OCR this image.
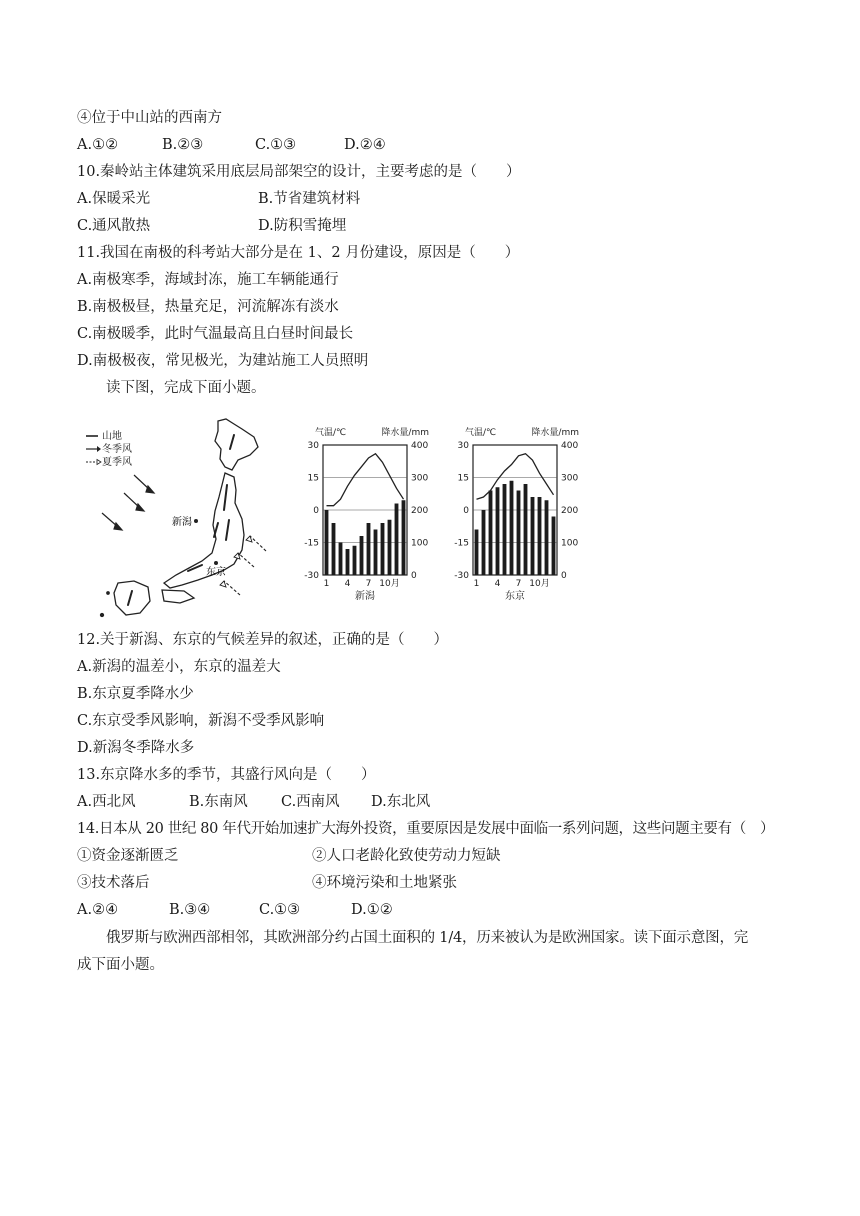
④位于中山站的西南方
A.①②	B.②③	C.①③	D.②④
10.秦岭站主体建筑采用底层局部架空的设计，主要考虑的是（　　）
A.保暖采光	B.节省建筑材料
C.通风散热	D.防积雪掩埋
11.我国在南极的科考站大部分是在 1、2 月份建设，原因是（　　）
A.南极寒季，海域封冻，施工车辆能通行
B.南极极昼，热量充足，河流解冻有淡水
C.南极暖季，此时气温最高且白昼时间最长
D.南极极夜，常见极光，为建站施工人员照明
读下图，完成下面小题。
山地
冬季风
夏季风
新潟
东京
气温/℃	降水量/mm
30
15
0
-15
-30
400
300
200
100
0
1 4 7 10月
新潟
气温/℃	降水量/mm
30
15
0
-15
-30
400
300
200
100
0
1 4 7 10月
东京
12.关于新潟、东京的气候差异的叙述，正确的是（　　）
A.新潟的温差小，东京的温差大
B.东京夏季降水少
C.东京受季风影响，新潟不受季风影响
D.新潟冬季降水多
13.东京降水多的季节，其盛行风向是（　　）
A.西北风	B.东南风 C.西南风 D.东北风
14.日本从 20 世纪 80 年代开始加速扩大海外投资，重要原因是发展中面临一系列问题，这些问题主要有（　）
①资金逐渐匮乏	②人口老龄化致使劳动力短缺
③技术落后	④环境污染和土地紧张
A.②④	B.③④	C.①③	D.①②
俄罗斯与欧洲西部相邻，其欧洲部分约占国土面积的 1/4，历来被认为是欧洲国家。读下面示意图，完
成下面小题。
